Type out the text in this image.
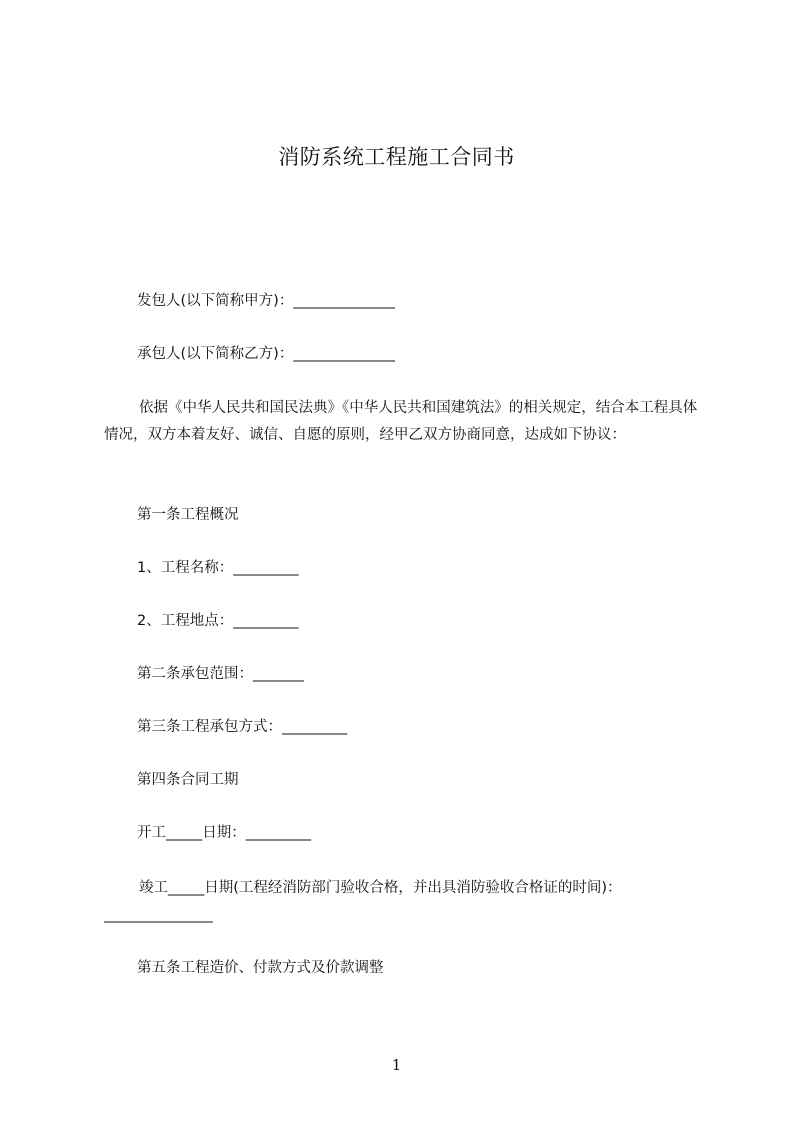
消防系统工程施工合同书
发包人(以下简称甲方)：______________
承包人(以下简称乙方)：______________

依据《中华人民共和国民法典》《中华人民共和国建筑法》的相关规定，结合本工程具体情况，双方本着友好、诚信、自愿的原则，经甲乙双方协商同意，达成如下协议：

第一条工程概况
1、工程名称：_________
2、工程地点：_________
第二条承包范围：_______
第三条工程承包方式：_________
第四条合同工期
开工_____日期：_________

竣工_____日期(工程经消防部门验收合格，并出具消防验收合格证的时间)：_______________

第五条工程造价、付款方式及价款调整
1
